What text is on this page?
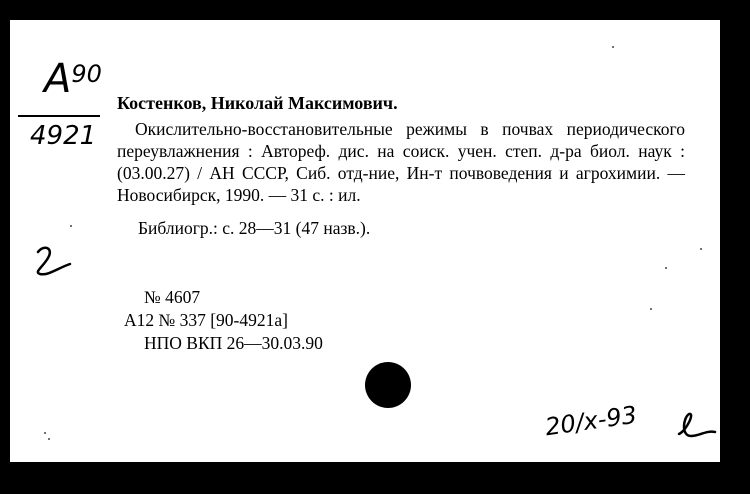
$A^{90}$
4921
Костенков, Николай Максимович.
Окислительно-восстановительные режимы в почвах периодического переувлажнения : Автореф. дис. на соиск. учен. степ. д-ра биол. наук : (03.00.27) / АН СССР, Сиб. отд-ние, Ин-т почвоведения и агрохимии. — Новосибирск, 1990. — 31 с. : ил.
Библиогр.: с. 28—31 (47 назв.).
№ 4607
А12 № 337 [90-4921а]
НПО ВКП 26—30.03.90
20/х-93
